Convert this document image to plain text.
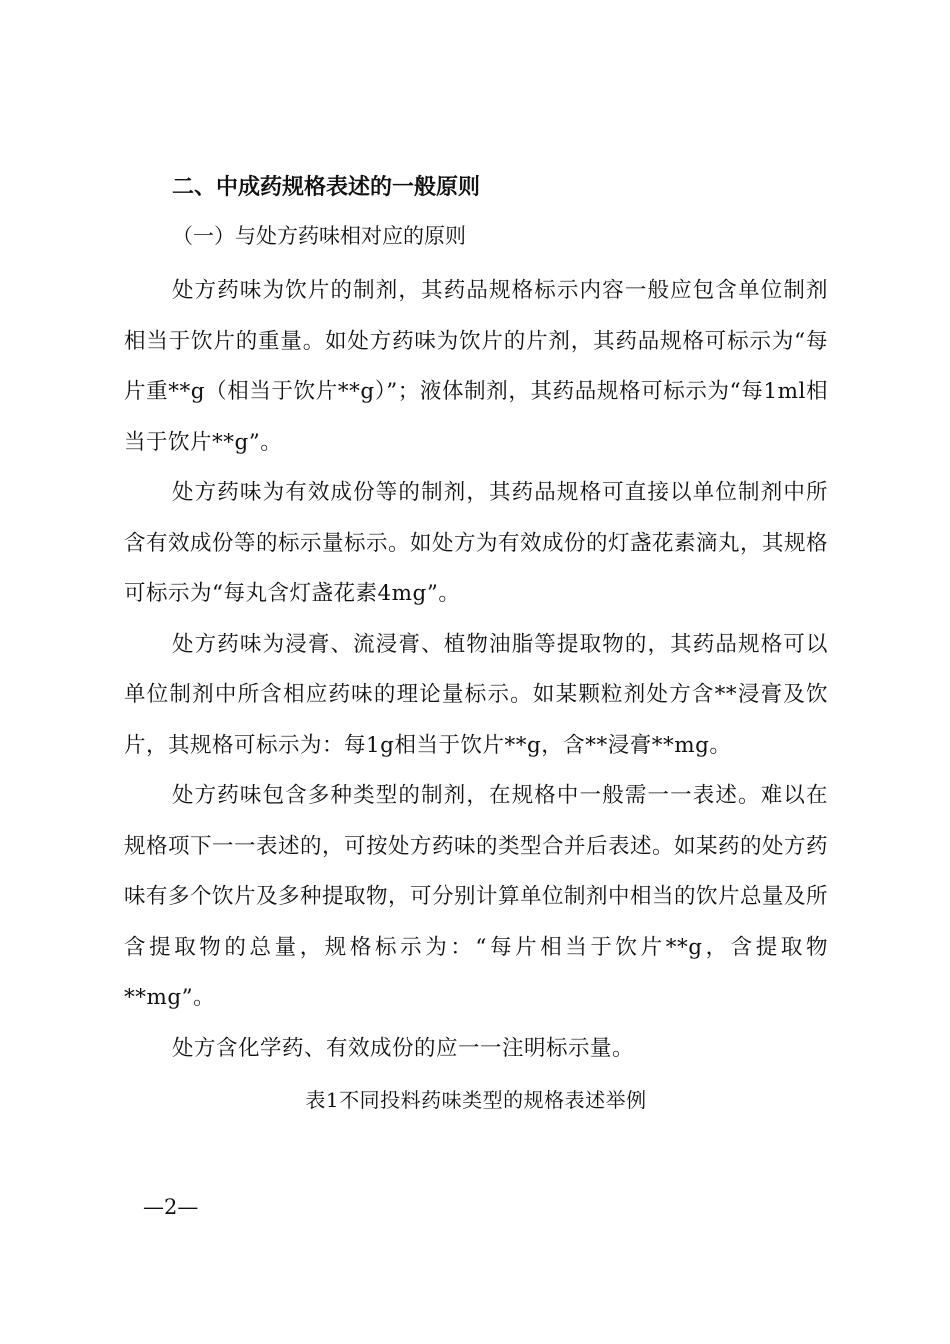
二、中成药规格表述的一般原则
（一）与处方药味相对应的原则

处方药味为饮片的制剂，其药品规格标示内容一般应包含单位制剂相当于饮片的重量。如处方药味为饮片的片剂，其药品规格可标示为“每片重**g（相当于饮片**g）”；液体制剂，其药品规格可标示为“每1ml相当于饮片**g”。

处方药味为有效成份等的制剂，其药品规格可直接以单位制剂中所含有效成份等的标示量标示。如处方为有效成份的灯盏花素滴丸，其规格可标示为“每丸含灯盏花素4mg”。

处方药味为浸膏、流浸膏、植物油脂等提取物的，其药品规格可以单位制剂中所含相应药味的理论量标示。如某颗粒剂处方含**浸膏及饮片，其规格可标示为：每1g相当于饮片**g，含**浸膏**mg。

处方药味包含多种类型的制剂，在规格中一般需一一表述。难以在规格项下一一表述的，可按处方药味的类型合并后表述。如某药的处方药味有多个饮片及多种提取物，可分别计算单位制剂中相当的饮片总量及所含提取物的总量，规格标示为：“每片相当于饮片**g，含提取物**mg”。

处方含化学药、有效成份的应一一注明标示量。

表1不同投料药味类型的规格表述举例
—2—
